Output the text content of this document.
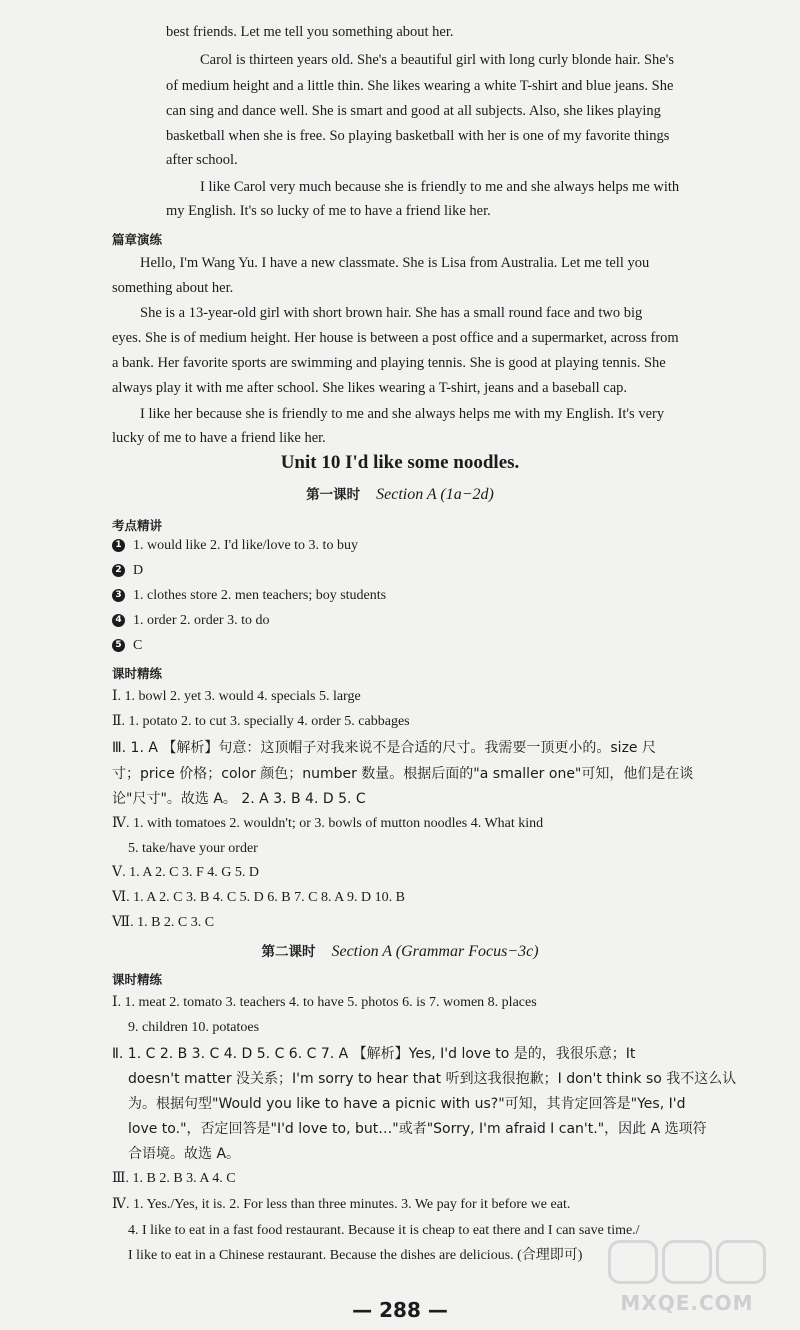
best friends. Let me tell you something about her.
Carol is thirteen years old. She's a beautiful girl with long curly blonde hair. She's
of medium height and a little thin. She likes wearing a white T-shirt and blue jeans. She
can sing and dance well. She is smart and good at all subjects. Also, she likes playing
basketball when she is free. So playing basketball with her is one of my favorite things
after school.
I like Carol very much because she is friendly to me and she always helps me with
my English. It's so lucky of me to have a friend like her.
篇章演练
Hello, I'm Wang Yu. I have a new classmate. She is Lisa from Australia. Let me tell you
something about her.
She is a 13-year-old girl with short brown hair. She has a small round face and two big
eyes. She is of medium height. Her house is between a post office and a supermarket, across from
a bank. Her favorite sports are swimming and playing tennis. She is good at playing tennis. She
always play it with me after school. She likes wearing a T-shirt, jeans and a baseball cap.
I like her because she is friendly to me and she always helps me with my English. It's very
lucky of me to have a friend like her.
Unit 10 I'd like some noodles.
第一课时 Section A (1a−2d)
考点精讲
1 1. would like 2. I'd like/love to 3. to buy
2 D
3 1. clothes store 2. men teachers; boy students
4 1. order 2. order 3. to do
5 C
课时精练
Ⅰ. 1. bowl 2. yet 3. would 4. specials 5. large
Ⅱ. 1. potato 2. to cut 3. specially 4. order 5. cabbages
Ⅲ. 1. A 【解析】句意：这顶帽子对我来说不是合适的尺寸。我需要一顶更小的。size 尺
寸；price 价格；color 颜色；number 数量。根据后面的"a smaller one"可知，他们是在谈
论"尺寸"。故选 A。 2. A 3. B 4. D 5. C
Ⅳ. 1. with tomatoes 2. wouldn't; or 3. bowls of mutton noodles 4. What kind
5. take/have your order
Ⅴ. 1. A 2. C 3. F 4. G 5. D
Ⅵ. 1. A 2. C 3. B 4. C 5. D 6. B 7. C 8. A 9. D 10. B
Ⅶ. 1. B 2. C 3. C
第二课时 Section A (Grammar Focus−3c)
课时精练
Ⅰ. 1. meat 2. tomato 3. teachers 4. to have 5. photos 6. is 7. women 8. places
9. children 10. potatoes
Ⅱ. 1. C 2. B 3. C 4. D 5. C 6. C 7. A 【解析】Yes, I'd love to 是的，我很乐意；It
doesn't matter 没关系；I'm sorry to hear that 听到这我很抱歉；I don't think so 我不这么认
为。根据句型"Would you like to have a picnic with us?"可知，其肯定回答是"Yes, I'd
love to."，否定回答是"I'd love to, but…"或者"Sorry, I'm afraid I can't."，因此 A 选项符
合语境。故选 A。
Ⅲ. 1. B 2. B 3. A 4. C
Ⅳ. 1. Yes./Yes, it is. 2. For less than three minutes. 3. We pay for it before we eat.
4. I like to eat in a fast food restaurant. Because it is cheap to eat there and I can save time./
I like to eat in a Chinese restaurant. Because the dishes are delicious. (合理即可)
— 288 —	MXQE.COM
